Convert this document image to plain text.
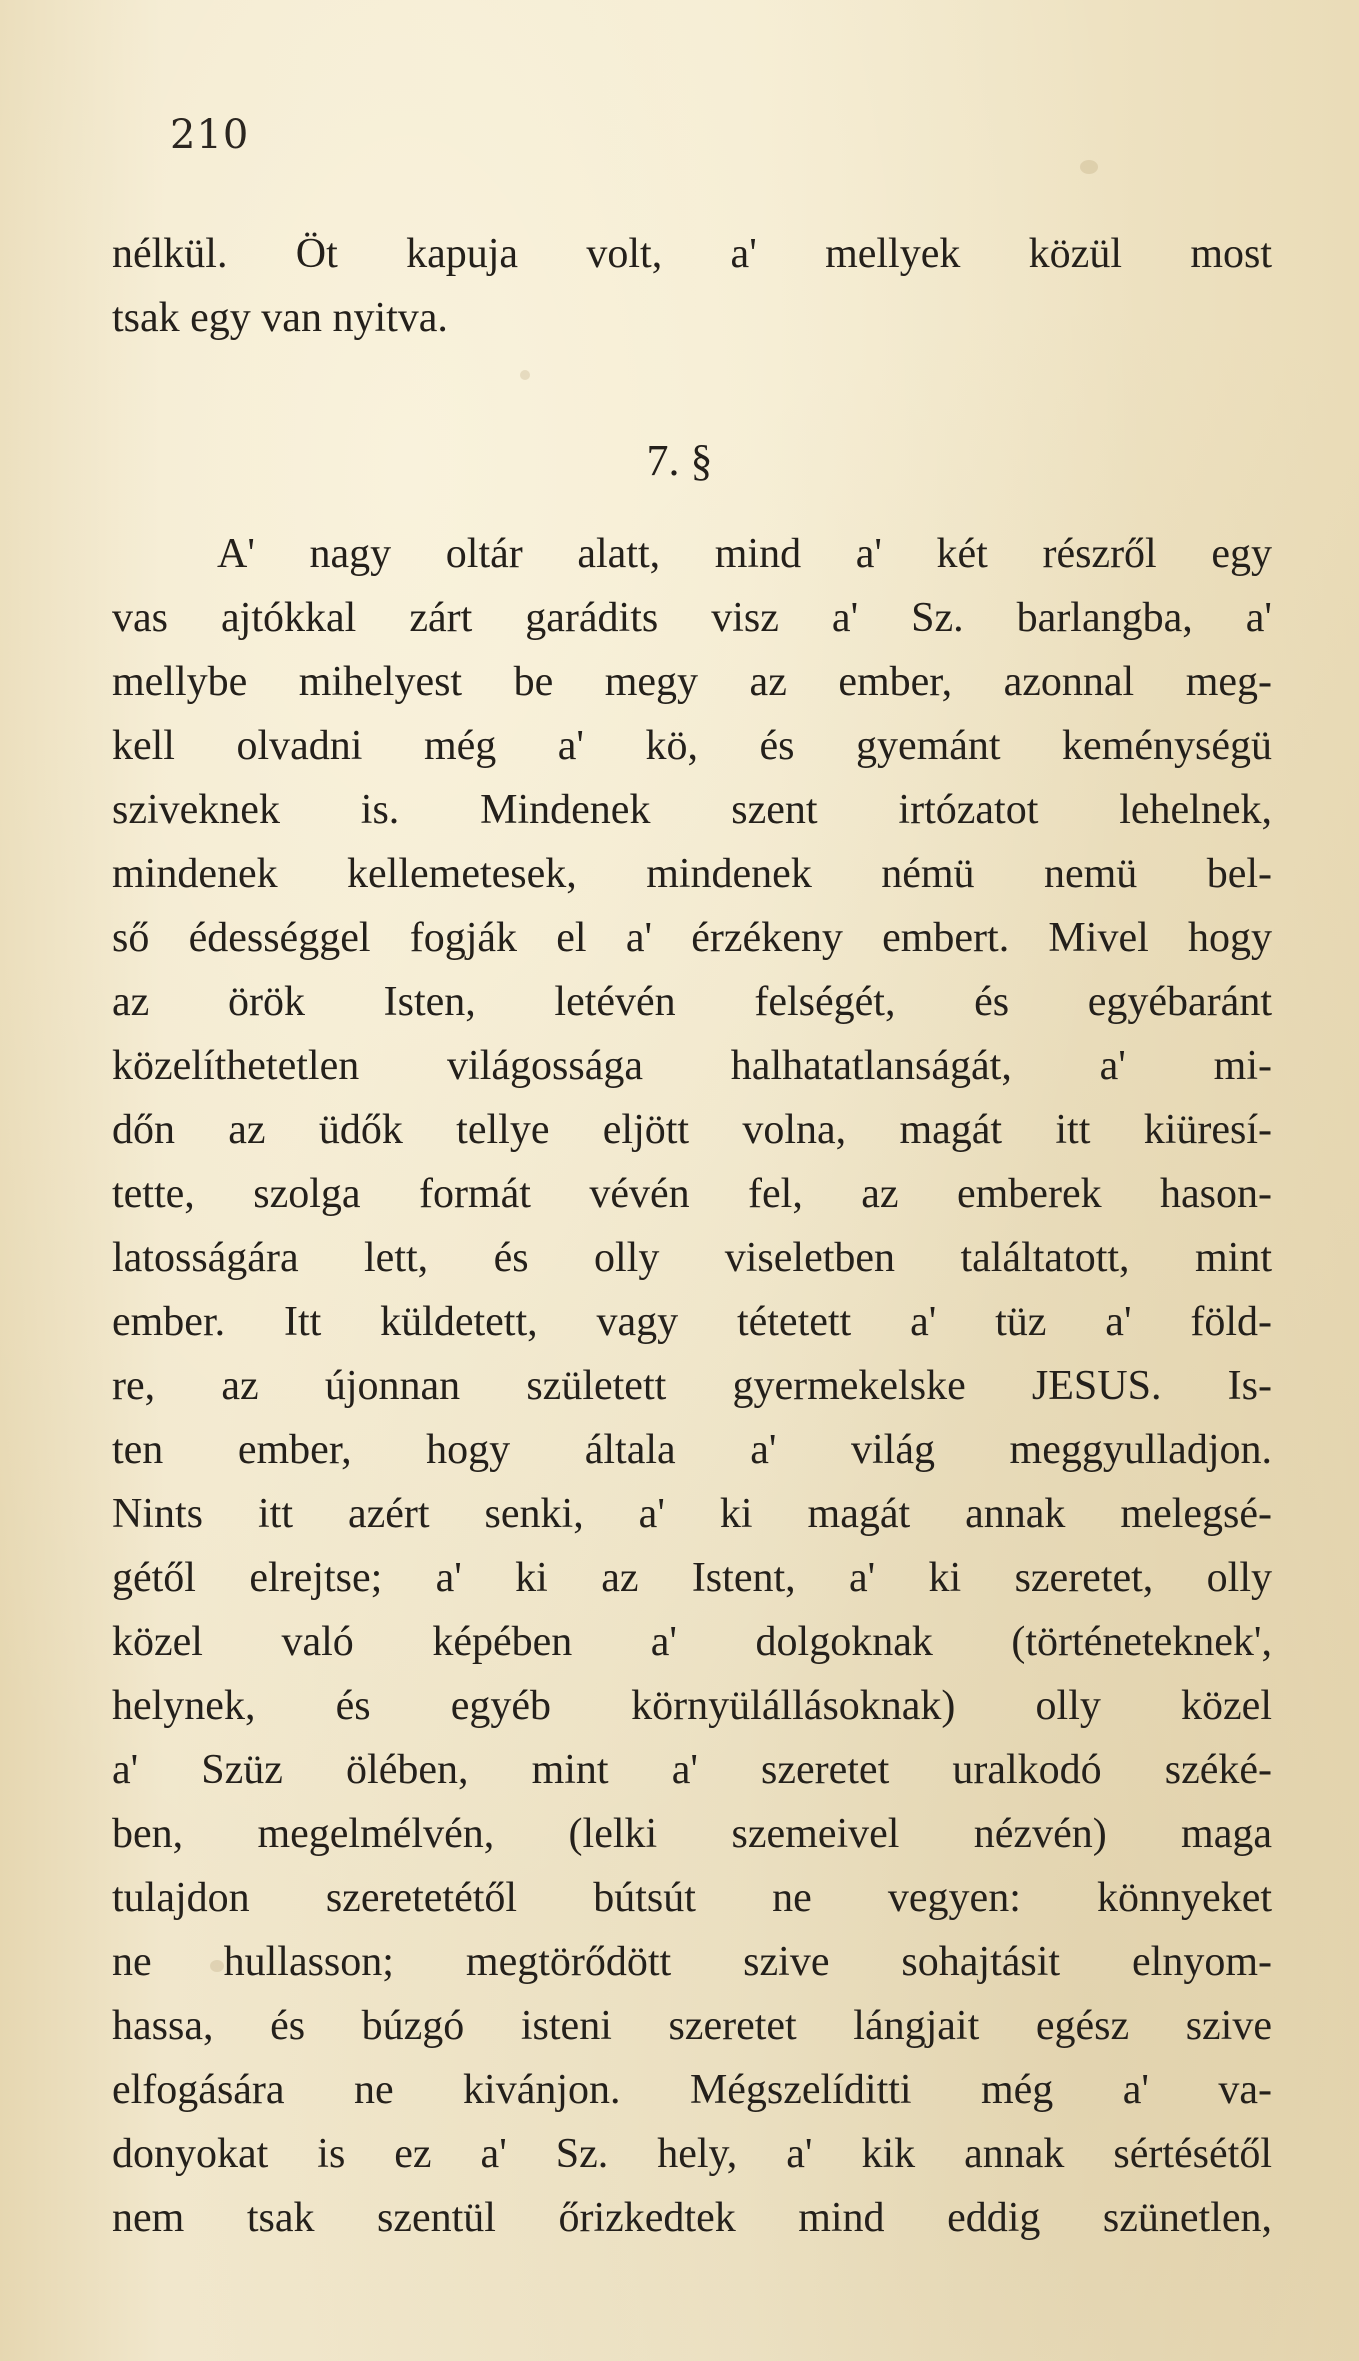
210
nélkül. Öt kapuja volt, a' mellyek közül most
tsak egy van nyitva.
7. §
A' nagy oltár alatt, mind a' két részről egy
vas ajtókkal zárt garádits visz a' Sz. barlangba, a'
mellybe mihelyest be megy az ember, azonnal meg-
kell olvadni még a' kö, és gyemánt keménységü
sziveknek is. Mindenek szent irtózatot lehelnek,
mindenek kellemetesek, mindenek némü nemü bel-
ső édességgel fogják el a' érzékeny embert. Mivel hogy
az örök Isten, letévén felségét, és egyébaránt
közelíthetetlen világossága halhatatlanságát, a' mi-
dőn az üdők tellye eljött volna, magát itt kiüresí-
tette, szolga formát vévén fel, az emberek hason-
latosságára lett, és olly viseletben találtatott, mint
ember. Itt küldetett, vagy tétetett a' tüz a' föld-
re, az újonnan született gyermekelske JESUS. Is-
ten ember, hogy általa a' világ meggyulladjon.
Nints itt azért senki, a' ki magát annak melegsé-
gétől elrejtse; a' ki az Istent, a' ki szeretet, olly
közel való képében a' dolgoknak (történeteknek',
helynek, és egyéb környülállásoknak) olly közel
a' Szüz ölében, mint a' szeretet uralkodó széké-
ben, megelmélvén, (lelki szemeivel nézvén) maga
tulajdon szeretetétől bútsút ne vegyen: könnyeket
ne hullasson; megtörődött szive sohajtásit elnyom-
hassa, és búzgó isteni szeretet lángjait egész szive
elfogására ne kivánjon. Mégszelíditti még a' va-
donyokat is ez a' Sz. hely, a' kik annak sértésétől
nem tsak szentül őrizkedtek mind eddig szünetlen,
